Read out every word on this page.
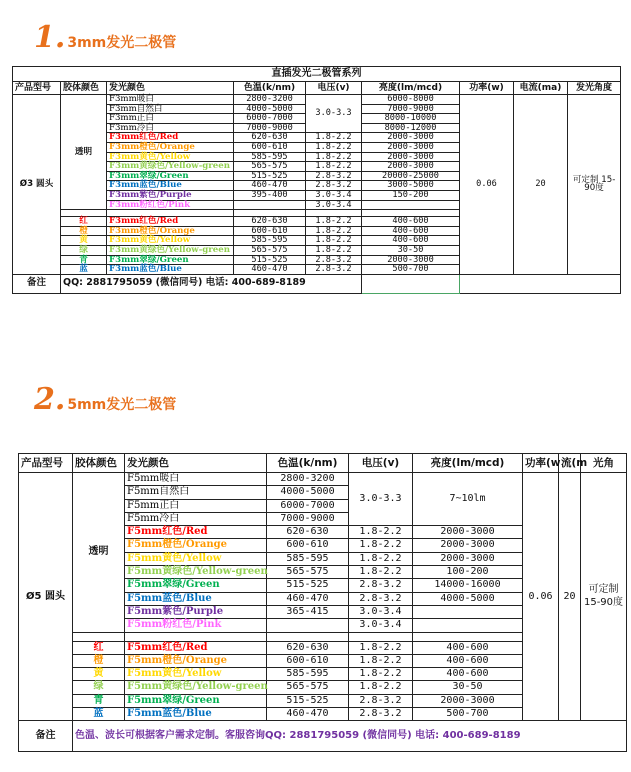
1. 3mm发光二极管
直插发光二极管系列								
产品型号	胶体颜色	发光颜色	色温(k/nm)	电压(v)	亮度(lm/mcd)	功率(w)	电流(ma)	发光角度
Ø3 圆头	透明	F3mm暖白	2800-3200	3.0-3.3	6000-8000	0.06	20	可定制 15-90度
		F3mm自然白	4000-5000		7000-9000			
		F3mm正白	6000-7000		8000-10000			
		F3mm冷白	7000-9000		8000-12000			
		F3mm红色/Red	620-630	1.8-2.2	2000-3000			
		F3mm橙色/Orange	600-610	1.8-2.2	2000-3000			
		F3mm黄色/Yellow	585-595	1.8-2.2	2000-3000			
		F3mm黄绿色/Yellow-green	565-575	1.8-2.2	2000-3000			
		F3mm翠绿/Green	515-525	2.8-3.2	20000-25000			
		F3mm蓝色/Blue	460-470	2.8-3.2	3000-5000			
		F3mm紫色/Purple	395-400	3.0-3.4	150-200			
		F3mm粉红色/Pink		3.0-3.4				

	红	F3mm红色/Red	620-630	1.8-2.2	400-600			
	橙	F3mm橙色/Orange	600-610	1.8-2.2	400-600			
	黄	F3mm黄色/Yellow	585-595	1.8-2.2	400-600			
	绿	F3mm黄绿色/Yellow-green	565-575	1.8-2.2	30-50			
	青	F3mm翠绿/Green	515-525	2.8-3.2	2000-3000			
	蓝	F3mm蓝色/Blue	460-470	2.8-3.2	500-700			
备注	QQ: 2881795059 (微信同号) 电话: 400-689-8189							
2. 5mm发光二极管
产品型号	胶体颜色	发光颜色	色温(k/nm)	电压(v)	亮度(lm/mcd)	功率(w	流(m	光角
Ø5 圆头	透明	F5mm暖白	2800-3200	3.0-3.3	7~10lm	0.06	20	可定制 15-90度
		F5mm自然白	4000-5000					
		F5mm正白	6000-7000					
		F5mm冷白	7000-9000					
		F5mm红色/Red	620-630	1.8-2.2	2000-3000			
		F5mm橙色/Orange	600-610	1.8-2.2	2000-3000			
		F5mm黄色/Yellow	585-595	1.8-2.2	2000-3000			
		F5mm黄绿色/Yellow-green	565-575	1.8-2.2	100-200			
		F5mm翠绿/Green	515-525	2.8-3.2	14000-16000			
		F5mm蓝色/Blue	460-470	2.8-3.2	4000-5000			
		F5mm紫色/Purple	365-415	3.0-3.4				
		F5mm粉红色/Pink		3.0-3.4				

	红	F5mm红色/Red	620-630	1.8-2.2	400-600			
	橙	F5mm橙色/Orange	600-610	1.8-2.2	400-600			
	黄	F5mm黄色/Yellow	585-595	1.8-2.2	400-600			
	绿	F5mm黄绿色/Yellow-green	565-575	1.8-2.2	30-50			
	青	F5mm翠绿/Green	515-525	2.8-3.2	2000-3000			
	蓝	F5mm蓝色/Blue	460-470	2.8-3.2	500-700			
备注	色温、波长可根据客户需求定制。客服咨询QQ: 2881795059 (微信同号) 电话: 400-689-8189							
